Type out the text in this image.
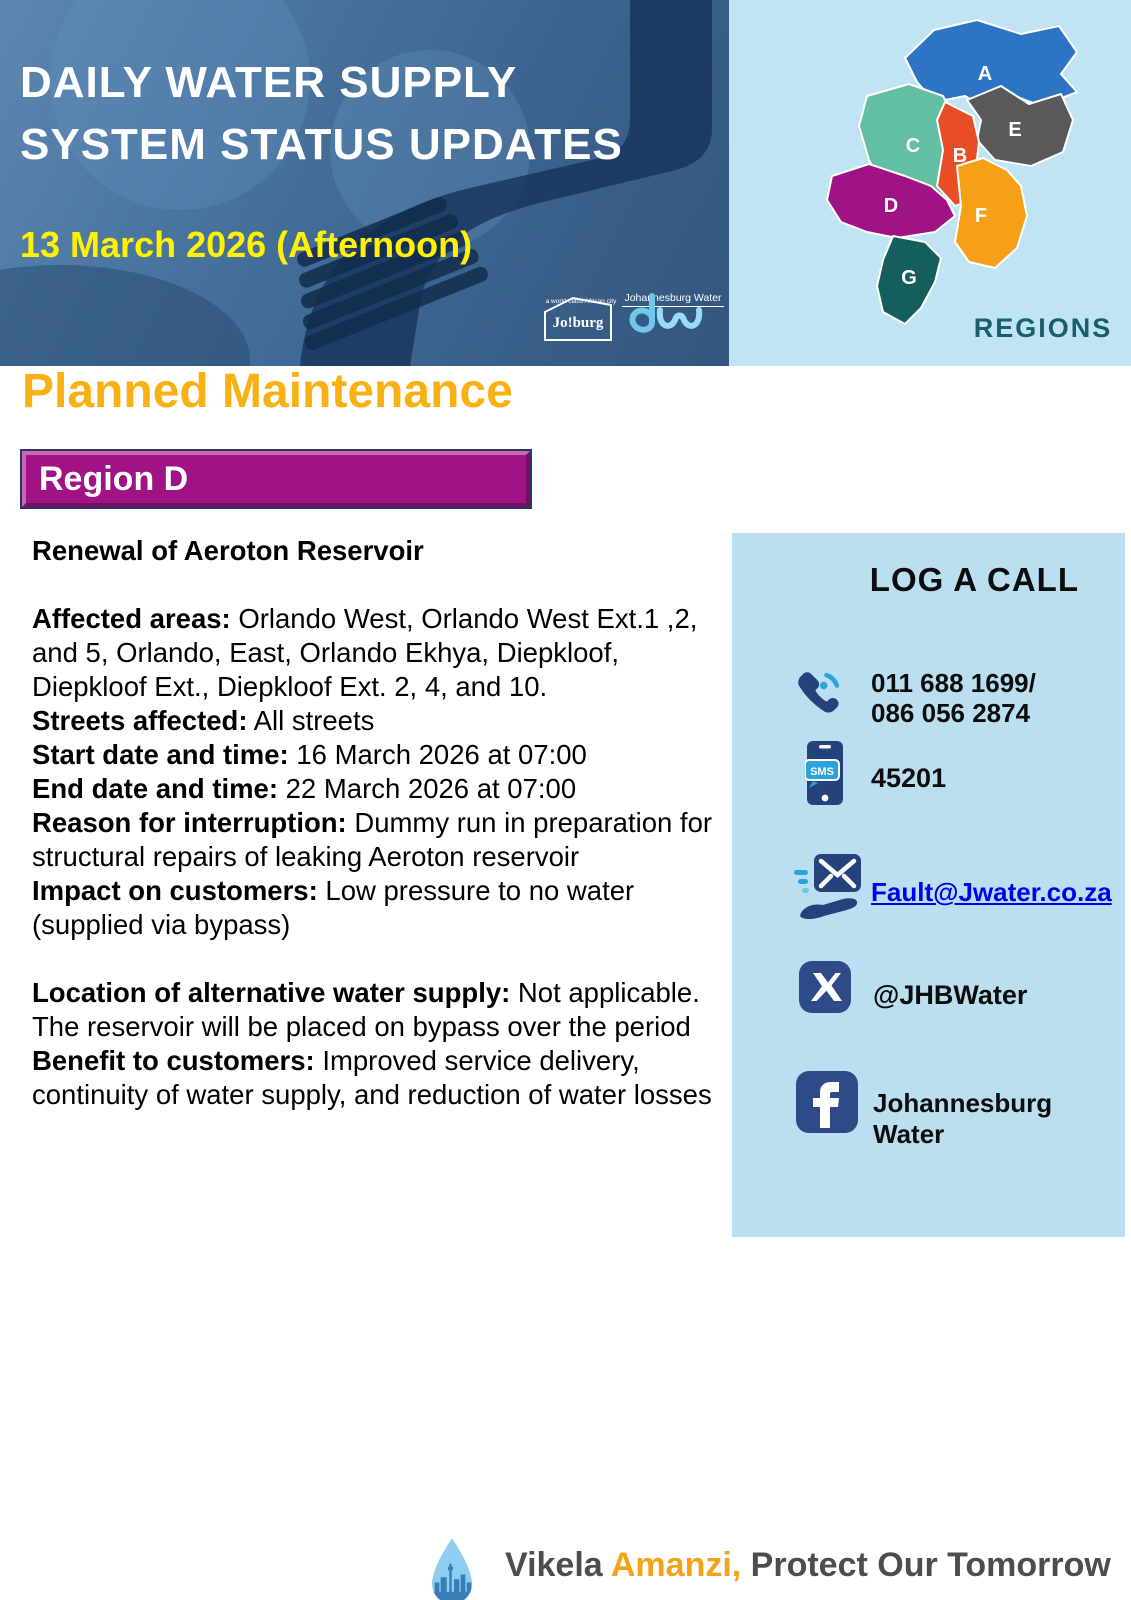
DAILY WATER SUPPLY
SYSTEM STATUS UPDATES
13 March 2026 (Afternoon)
Jo!burg
a world class African city Johannesburg Water
A
C
E
B
F
D
G
REGIONS
Planned Maintenance
Region D
Renewal of Aeroton Reservoir
Affected areas: Orlando West, Orlando West Ext.1 ,2, and 5, Orlando, East, Orlando Ekhya, Diepkloof, Diepkloof Ext., Diepkloof Ext. 2, 4, and 10.
Streets affected: All streets
Start date and time: 16 March 2026 at 07:00
End date and time: 22 March 2026 at 07:00
Reason for interruption: Dummy run in preparation for structural repairs of leaking Aeroton reservoir
Impact on customers: Low pressure to no water (supplied via bypass)
Location of alternative water supply: Not applicable. The reservoir will be placed on bypass over the period
Benefit to customers: Improved service delivery, continuity of water supply, and reduction of water losses
LOG A CALL
011 688 1699/
086 056 2874
SMS 45201
Fault@Jwater.co.za
@JHBWater
Johannesburg Water
Vikela Amanzi, Protect Our Tomorrow
